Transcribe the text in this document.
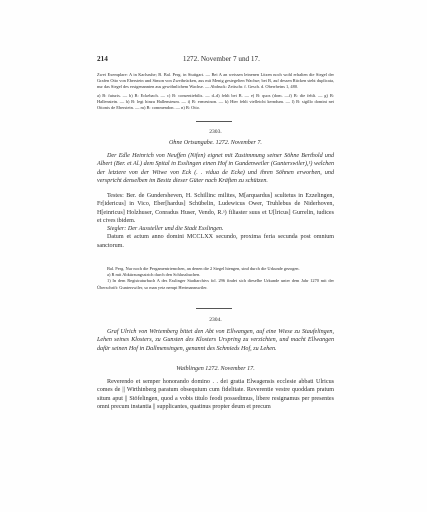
214	1272. November 7 und 17.

Zwei Exemplare: A in Karlsruhe; B. Bal. Perg. in Stuttgart. — Bei A an weissen leinenen Litzen noch wohl erhalten die Siegel der Grafen Otto von Eberstein und Simon von Zweibrücken, aus mit Menig gesiegelten Wachse; bei B, auf dessen Rücken steht duplicata, nur das Siegel des erstgenannten aus gewöhnlichem Wachse. — Abdruck: Zeitschr. f. Gesch. d. Oberrheins 1, 480.

a) B: futuris. — b) B: Eckebach. — c) B: consentiebilis. — d–d) fehlt bei B. — e) B: quos (dom. —f) B: die fehlt. — g) B: Hallenstein. — h) B: legt hinzu Hallensteum. — i) B: ermesinon. — k) Hier fehlt vielleicht kerndum. — l) B: sigillo domini nei Ottonis de Eberstein. — m) B: commendon. — n) B: Otto.

2303.
Ohne Ortsangabe. 1272. November 7.

Der Edle Heinrich von Neuffen (Nifen) eignet mit Zustimmung seiner Söhne Berthold und Albert (Ber. et Al.) dem Spital in Esslingen einen Hof in Gundenweiler (Gunterswiler),¹) welchen der letztere von der Witwe von Eck (. . vidua de Ecke) und ihren Söhnen erworben, und verspricht denselben im Besitz dieser Güter nach Kräften zu schützen.

Testes: Ber. de Gundersheven, H. Schillinc milites, M[arquardus] scultetus in Ezzelingen, Fr[idericus] in Vico, Eber[hardus] Schübelin, Ludewicus Ower, Truhlebus de Niderhoven, H[einricus] Holzhuser, Conradus Huser, Vendo, R.ᵃ) filiaster suus et U[lricus] Gurrelin, iudices et cives ibidem.

Siegler: Der Aussteller und die Stadt Esslingen.

Datum et actum anno domini MCCLXX secundo, proxima feria secunda post omnium sanctorum.

Bal. Perg. Nur noch die Pergamentriemchen, an denen die 2 Siegel hiengen, sind durch die Urkunde gezogen.

a) R mit Abkürzungsstrich durch den Schlussbuchen.

1) In dem Registraturbuch A des Esslinger Stadtarchivs fol. 296 findet sich dieselbe Urkunde unter dem Jahr 1270 mit der Überschrift: Gunterswiler, so man yetz nempt Hertmannswiler.

2304.

Graf Ulrich von Wirtemberg bittet den Abt von Ellwangen, auf eine Wiese zu Staufelingen, Lehen seines Klosters, zu Gunsten des Klosters Urspring zu verzichten, und macht Ellwangen dafür seinen Hof in Dallmensingen, genannt des Schmieds Hof, zu Lehen.

Waiblingen 1272. November 17.

Reverendo et semper honorando domino . . dei gratia Elwagensis ecclesie abbati Ulricus comes de || Wirthinberg paratum obsequium cum fidelitate. Reverentie vestre quoddam pratum situm aput || Stöfelingen, quod a vobis titulo feodi possedimus, libere resignamus per presentes omni precum instantia || supplicantes, quatinus propter deum et precum
